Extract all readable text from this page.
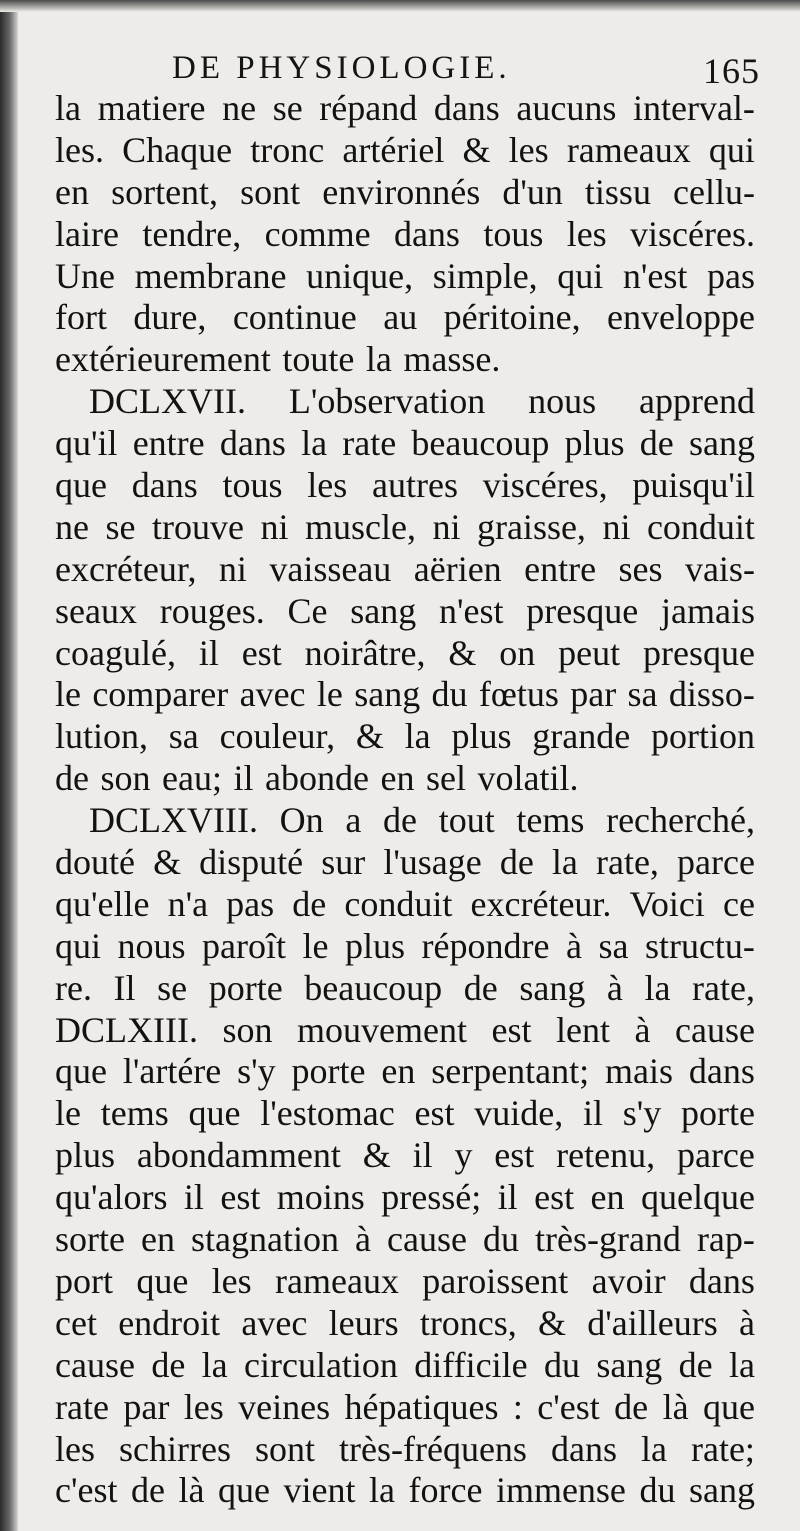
DE PHYSIOLOGIE.	165
la matiere ne se répand dans aucuns interval-
les. Chaque tronc artériel & les rameaux qui
en sortent, sont environnés d'un tissu cellu-
laire tendre, comme dans tous les viscéres.
Une membrane unique, simple, qui n'est pas
fort dure, continue au péritoine, enveloppe
extérieurement toute la masse.
DCLXVII. L'observation nous apprend
qu'il entre dans la rate beaucoup plus de sang
que dans tous les autres viscéres, puisqu'il
ne se trouve ni muscle, ni graisse, ni conduit
excréteur, ni vaisseau aërien entre ses vais-
seaux rouges. Ce sang n'est presque jamais
coagulé, il est noirâtre, & on peut presque
le comparer avec le sang du fœtus par sa disso-
lution, sa couleur, & la plus grande portion
de son eau; il abonde en sel volatil.
DCLXVIII. On a de tout tems recherché,
douté & disputé sur l'usage de la rate, parce
qu'elle n'a pas de conduit excréteur. Voici ce
qui nous paroît le plus répondre à sa structu-
re. Il se porte beaucoup de sang à la rate,
DCLXIII. son mouvement est lent à cause
que l'artére s'y porte en serpentant; mais dans
le tems que l'estomac est vuide, il s'y porte
plus abondamment & il y est retenu, parce
qu'alors il est moins pressé; il est en quelque
sorte en stagnation à cause du très-grand rap-
port que les rameaux paroissent avoir dans
cet endroit avec leurs troncs, & d'ailleurs à
cause de la circulation difficile du sang de la
rate par les veines hépatiques : c'est de là que
les schirres sont très-fréquens dans la rate;
c'est de là que vient la force immense du sang
